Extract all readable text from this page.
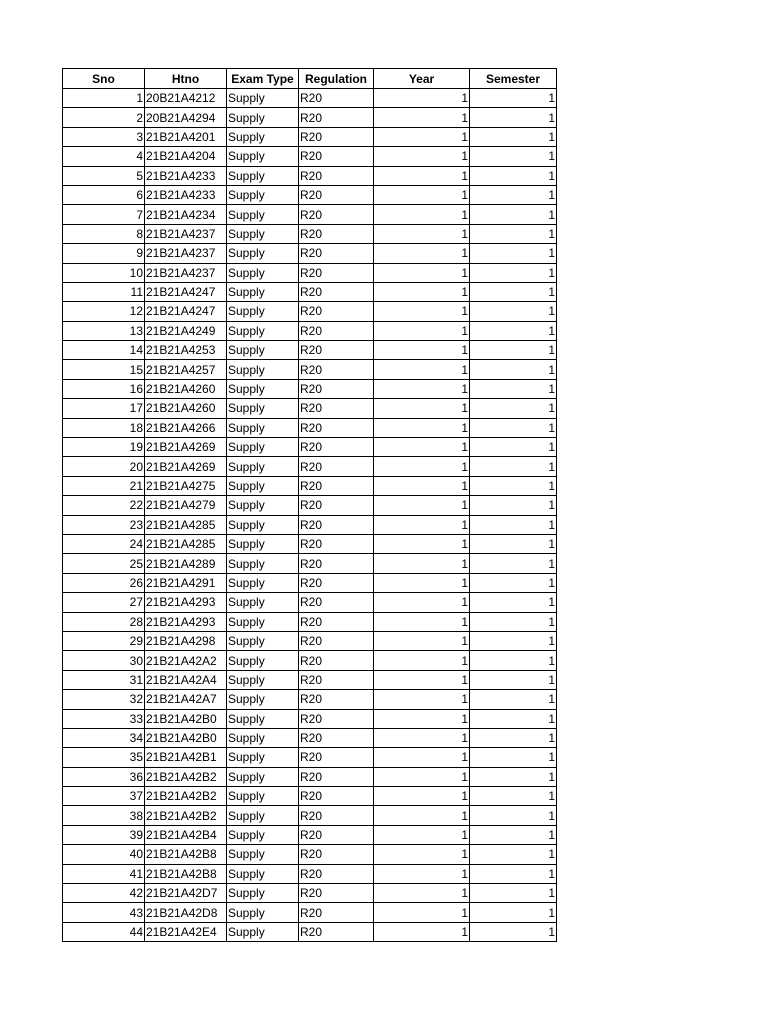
Sno	Htno	Exam Type	Regulation	Year	Semester
1	20B21A4212	Supply	R20	1	1
2	20B21A4294	Supply	R20	1	1
3	21B21A4201	Supply	R20	1	1
4	21B21A4204	Supply	R20	1	1
5	21B21A4233	Supply	R20	1	1
6	21B21A4233	Supply	R20	1	1
7	21B21A4234	Supply	R20	1	1
8	21B21A4237	Supply	R20	1	1
9	21B21A4237	Supply	R20	1	1
10	21B21A4237	Supply	R20	1	1
11	21B21A4247	Supply	R20	1	1
12	21B21A4247	Supply	R20	1	1
13	21B21A4249	Supply	R20	1	1
14	21B21A4253	Supply	R20	1	1
15	21B21A4257	Supply	R20	1	1
16	21B21A4260	Supply	R20	1	1
17	21B21A4260	Supply	R20	1	1
18	21B21A4266	Supply	R20	1	1
19	21B21A4269	Supply	R20	1	1
20	21B21A4269	Supply	R20	1	1
21	21B21A4275	Supply	R20	1	1
22	21B21A4279	Supply	R20	1	1
23	21B21A4285	Supply	R20	1	1
24	21B21A4285	Supply	R20	1	1
25	21B21A4289	Supply	R20	1	1
26	21B21A4291	Supply	R20	1	1
27	21B21A4293	Supply	R20	1	1
28	21B21A4293	Supply	R20	1	1
29	21B21A4298	Supply	R20	1	1
30	21B21A42A2	Supply	R20	1	1
31	21B21A42A4	Supply	R20	1	1
32	21B21A42A7	Supply	R20	1	1
33	21B21A42B0	Supply	R20	1	1
34	21B21A42B0	Supply	R20	1	1
35	21B21A42B1	Supply	R20	1	1
36	21B21A42B2	Supply	R20	1	1
37	21B21A42B2	Supply	R20	1	1
38	21B21A42B2	Supply	R20	1	1
39	21B21A42B4	Supply	R20	1	1
40	21B21A42B8	Supply	R20	1	1
41	21B21A42B8	Supply	R20	1	1
42	21B21A42D7	Supply	R20	1	1
43	21B21A42D8	Supply	R20	1	1
44	21B21A42E4	Supply	R20	1	1
